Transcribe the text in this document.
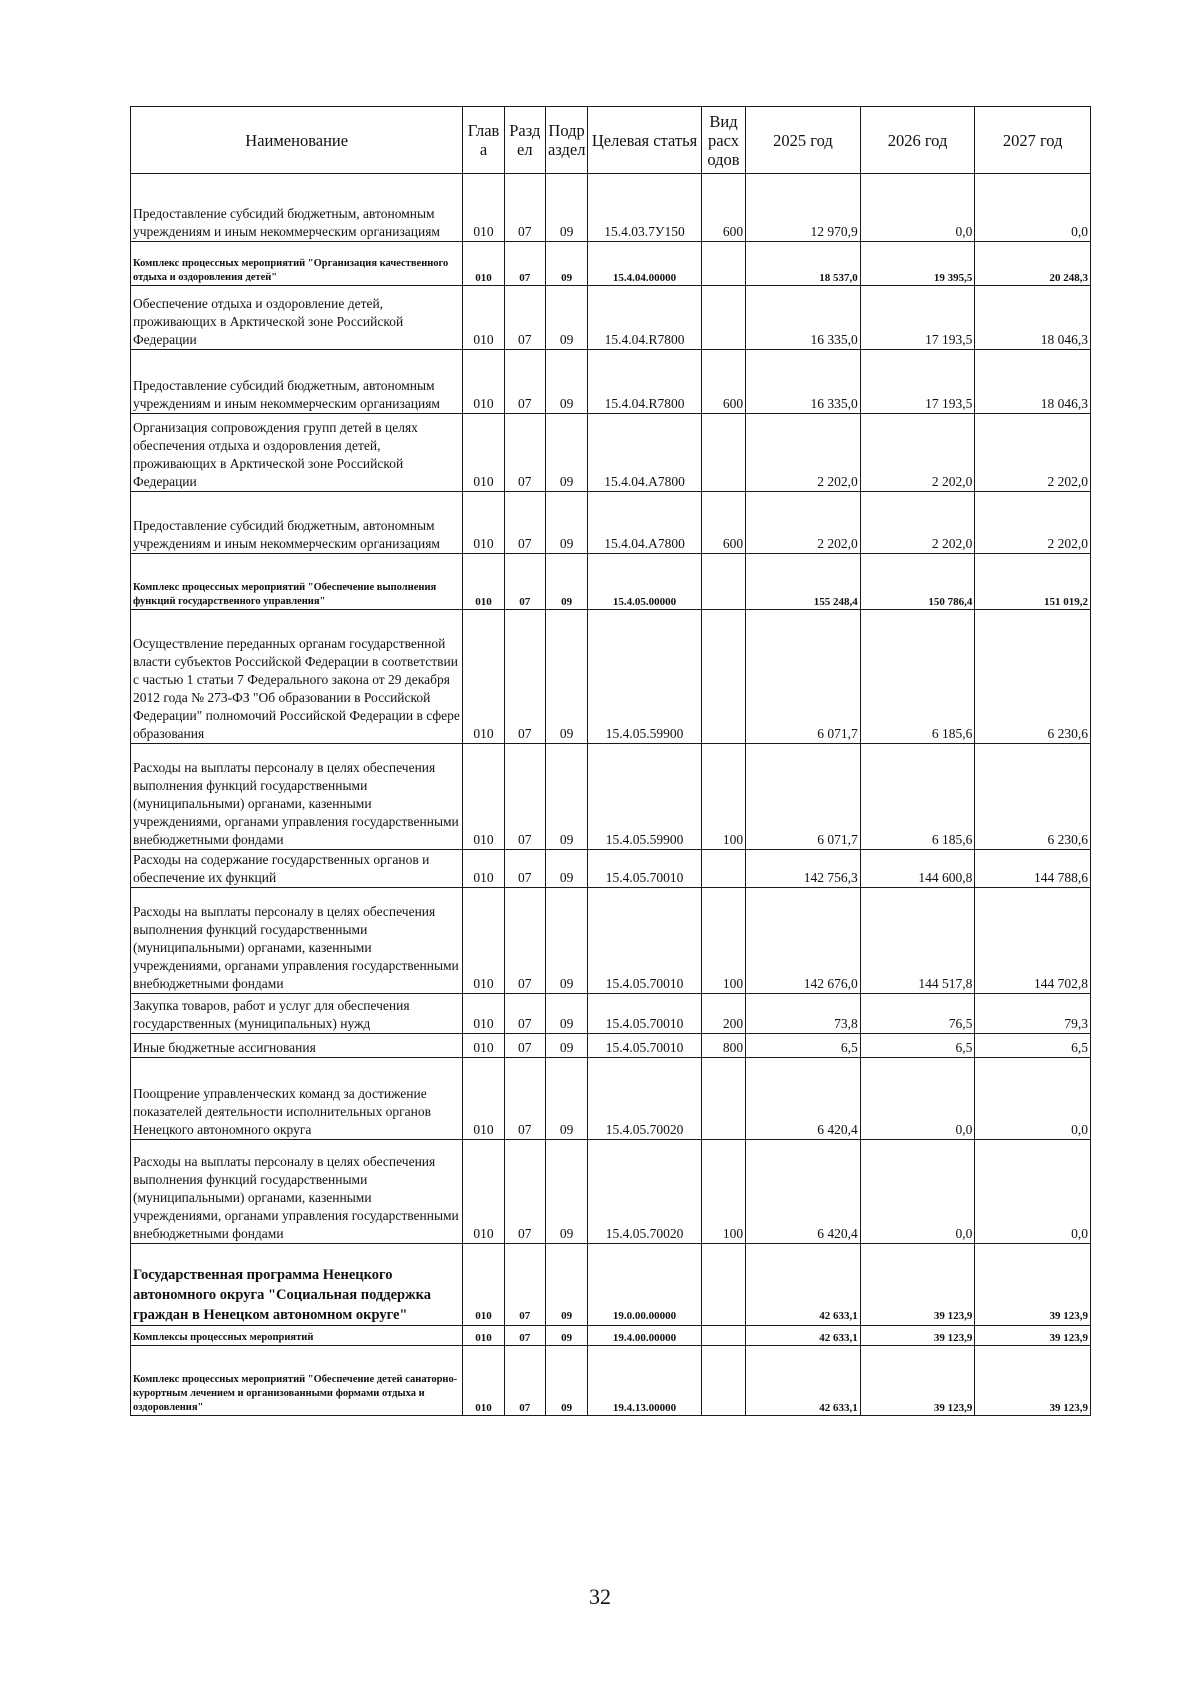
Наименование	Глав а	Разд ел	Подр аздел	Целевая статья	Вид расх одов	2025 год	2026 год	2027 год
Предоставление субсидий бюджетным, автономным учреждениям и иным некоммерческим организациям	010	07	09	15.4.03.7У150	600	12 970,9	0,0	0,0
Комплекс процессных мероприятий "Организация качественного отдыха и оздоровления детей"	010	07	09	15.4.04.00000		18 537,0	19 395,5	20 248,3
Обеспечение отдыха и оздоровление детей, проживающих в Арктической зоне Российской Федерации	010	07	09	15.4.04.R7800		16 335,0	17 193,5	18 046,3
Предоставление субсидий бюджетным, автономным учреждениям и иным некоммерческим организациям	010	07	09	15.4.04.R7800	600	16 335,0	17 193,5	18 046,3
Организация сопровождения групп детей в целях обеспечения отдыха и оздоровления детей, проживающих в Арктической зоне Российской Федерации	010	07	09	15.4.04.А7800		2 202,0	2 202,0	2 202,0
Предоставление субсидий бюджетным, автономным учреждениям и иным некоммерческим организациям	010	07	09	15.4.04.А7800	600	2 202,0	2 202,0	2 202,0
Комплекс процессных мероприятий "Обеспечение выполнения функций государственного управления"	010	07	09	15.4.05.00000		155 248,4	150 786,4	151 019,2
Осуществление переданных органам государственной власти субъектов Российской Федерации в соответствии с частью 1 статьи 7 Федерального закона от 29 декабря 2012 года № 273-ФЗ "Об образовании в Российской Федерации" полномочий Российской Федерации в сфере образования	010	07	09	15.4.05.59900		6 071,7	6 185,6	6 230,6
Расходы на выплаты персоналу в целях обеспечения выполнения функций государственными (муниципальными) органами, казенными учреждениями, органами управления государственными внебюджетными фондами	010	07	09	15.4.05.59900	100	6 071,7	6 185,6	6 230,6
Расходы на содержание государственных органов и обеспечение их функций	010	07	09	15.4.05.70010		142 756,3	144 600,8	144 788,6
Расходы на выплаты персоналу в целях обеспечения выполнения функций государственными (муниципальными) органами, казенными учреждениями, органами управления государственными внебюджетными фондами	010	07	09	15.4.05.70010	100	142 676,0	144 517,8	144 702,8
Закупка товаров, работ и услуг для обеспечения государственных (муниципальных) нужд	010	07	09	15.4.05.70010	200	73,8	76,5	79,3
Иные бюджетные ассигнования	010	07	09	15.4.05.70010	800	6,5	6,5	6,5
Поощрение управленческих команд за достижение показателей деятельности исполнительных органов Ненецкого автономного округа	010	07	09	15.4.05.70020		6 420,4	0,0	0,0
Расходы на выплаты персоналу в целях обеспечения выполнения функций государственными (муниципальными) органами, казенными учреждениями, органами управления государственными внебюджетными фондами	010	07	09	15.4.05.70020	100	6 420,4	0,0	0,0
Государственная программа Ненецкого автономного округа "Социальная поддержка граждан в Ненецком автономном округе"	010	07	09	19.0.00.00000		42 633,1	39 123,9	39 123,9
Комплексы процессных мероприятий	010	07	09	19.4.00.00000		42 633,1	39 123,9	39 123,9
Комплекс процессных мероприятий "Обеспечение детей санаторно-курортным лечением и организованными формами отдыха и оздоровления"	010	07	09	19.4.13.00000		42 633,1	39 123,9	39 123,9
32
